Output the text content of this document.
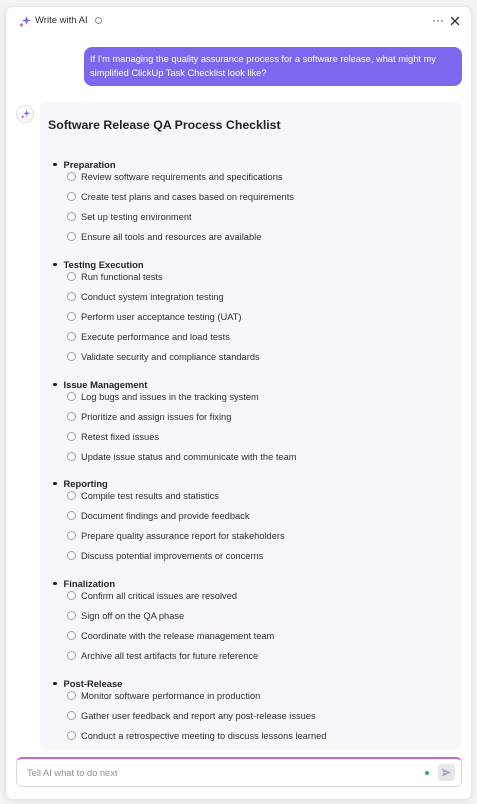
Write with AI	···
If I'm managing the quality assurance process for a software release, what might my simplified ClickUp Task Checklist look like?
Software Release QA Process Checklist
Preparation
Review software requirements and specifications
Create test plans and cases based on requirements
Set up testing environment
Ensure all tools and resources are available
Testing Execution
Run functional tests
Conduct system integration testing
Perform user acceptance testing (UAT)
Execute performance and load tests
Validate security and compliance standards
Issue Management
Log bugs and issues in the tracking system
Prioritize and assign issues for fixing
Retest fixed issues
Update issue status and communicate with the team
Reporting
Compile test results and statistics
Document findings and provide feedback
Prepare quality assurance report for stakeholders
Discuss potential improvements or concerns
Finalization
Confirm all critical issues are resolved
Sign off on the QA phase
Coordinate with the release management team
Archive all test artifacts for future reference
Post-Release
Monitor software performance in production
Gather user feedback and report any post-release issues
Conduct a retrospective meeting to discuss lessons learned
Tell AI what to do next
